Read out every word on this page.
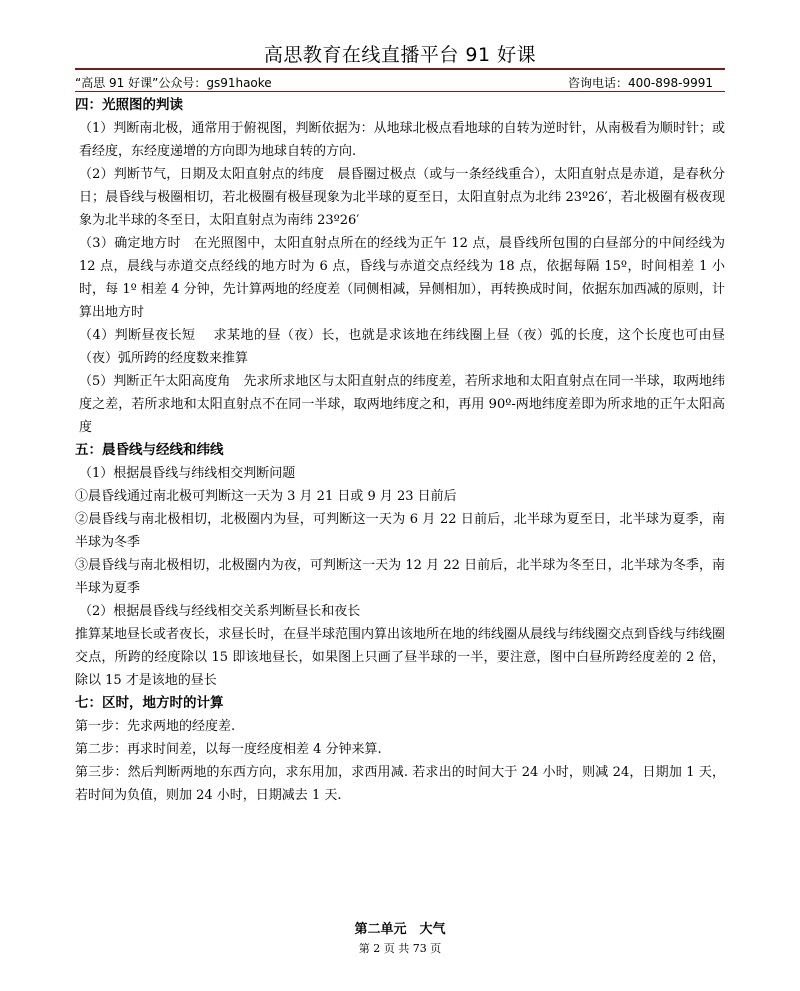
高思教育在线直播平台 91 好课
“高思 91 好课”公众号：gs91haoke	咨询电话：400-898-9991

四：光照图的判读

（1）判断南北极，通常用于俯视图，判断依据为：从地球北极点看地球的自转为逆时针，从南极看为顺时针；或看经度，东经度递增的方向即为地球自转的方向.

（2）判断节气，日期及太阳直射点的纬度　晨昏圈过极点（或与一条经线重合），太阳直射点是赤道，是春秋分日；晨昏线与极圈相切，若北极圈有极昼现象为北半球的夏至日，太阳直射点为北纬 23º26′，若北极圈有极夜现象为北半球的冬至日，太阳直射点为南纬 23º26′

（3）确定地方时　在光照图中，太阳直射点所在的经线为正午 12 点，晨昏线所包围的白昼部分的中间经线为 12 点，晨线与赤道交点经线的地方时为 6 点，昏线与赤道交点经线为 18 点，依据每隔 15º，时间相差 1 小时，每 1º 相差 4 分钟，先计算两地的经度差（同侧相减，异侧相加），再转换成时间，依据东加西减的原则，计算出地方时

（4）判断昼夜长短　 求某地的昼（夜）长，也就是求该地在纬线圈上昼（夜）弧的长度，这个长度也可由昼（夜）弧所跨的经度数来推算

（5）判断正午太阳高度角　先求所求地区与太阳直射点的纬度差，若所求地和太阳直射点在同一半球，取两地纬度之差，若所求地和太阳直射点不在同一半球，取两地纬度之和，再用 90º-两地纬度差即为所求地的正午太阳高度

五：晨昏线与经线和纬线

（1）根据晨昏线与纬线相交判断问题

①晨昏线通过南北极可判断这一天为 3 月 21 日或 9 月 23 日前后

②晨昏线与南北极相切，北极圈内为昼，可判断这一天为 6 月 22 日前后，北半球为夏至日，北半球为夏季，南半球为冬季

③晨昏线与南北极相切，北极圈内为夜，可判断这一天为 12 月 22 日前后，北半球为冬至日，北半球为冬季，南半球为夏季

（2）根据晨昏线与经线相交关系判断昼长和夜长

推算某地昼长或者夜长，求昼长时，在昼半球范围内算出该地所在地的纬线圈从晨线与纬线圈交点到昏线与纬线圈交点，所跨的经度除以 15 即该地昼长，如果图上只画了昼半球的一半，要注意，图中白昼所跨经度差的 2 倍，除以 15 才是该地的昼长

七：区时，地方时的计算

第一步：先求两地的经度差.

第二步：再求时间差，以每一度经度相差 4 分钟来算.

第三步：然后判断两地的东西方向，求东用加，求西用减. 若求出的时间大于 24 小时，则减 24，日期加 1 天，若时间为负值，则加 24 小时，日期减去 1 天.

第二单元　大气
第 2 页 共 73 页
